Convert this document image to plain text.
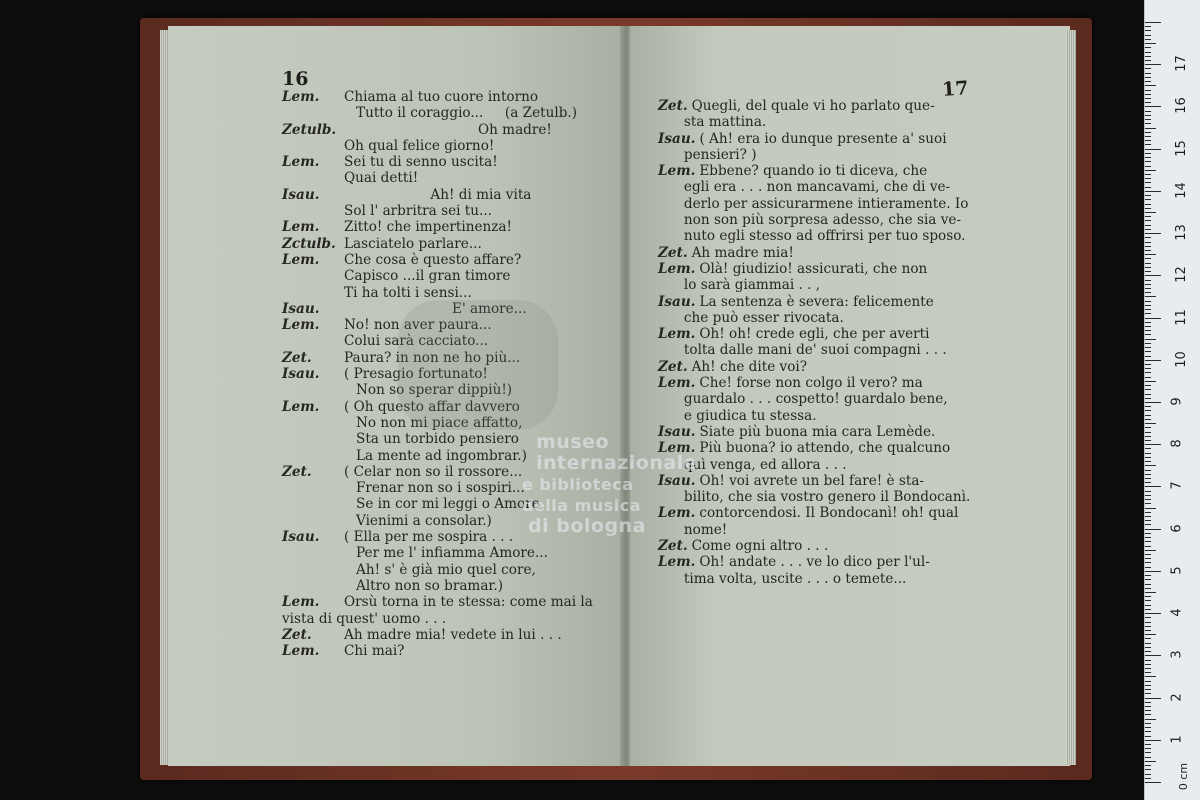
16	17
Lem. Chiama al tuo cuore intorno
Tutto il coraggio...     (a Zetulb.)
Zetulb.                               Oh madre!
Oh qual felice giorno!
Lem. Sei tu di senno uscita!
Quai detti!
Isau.                    Ah! di mia vita
Sol l' arbritra sei tu...
Lem. Zitto! che impertinenza!
Zctulb. Lasciatelo parlare...
Lem. Che cosa è questo affare?
Capisco ...il gran timore
Ti ha tolti i sensi...
Isau.                         E' amore...
Lem. No! non aver paura...
Colui sarà cacciato...
Zet. Paura? in non ne ho più...
Isau. ( Presagio fortunato!
Non so sperar dippiù!)
Lem. ( Oh questo affar davvero
No non mi piace affatto,
Sta un torbido pensiero
La mente ad ingombrar.)
Zet. ( Celar non so il rossore...
Frenar non so i sospiri...
Se in cor mi leggi o Amore
Vienimi a consolar.)
Isau. ( Ella per me sospira . . .
Per me l' infiamma Amore...
Ah! s' è già mio quel core,
Altro non so bramar.)
Lem. Orsù torna in te stessa: come mai la
vista di quest' uomo . . .
Zet. Ah madre mia! vedete in lui . . .
Lem. Chi mai?
Zet. Quegli, del quale vi ho parlato que-
sta mattina.
Isau. ( Ah! era io dunque presente a' suoi
pensieri? )
Lem. Ebbene? quando io ti diceva, che
egli era . . . non mancavami, che di ve-
derlo per assicurarmene intieramente. Io
non son più sorpresa adesso, che sia ve-
nuto egli stesso ad offrirsi per tuo sposo.
Zet. Ah madre mia!
Lem. Olà! giudizio! assicurati, che non
lo sarà giammai . . ,
Isau. La sentenza è severa: felicemente
che può esser rivocata.
Lem. Oh! oh! crede egli, che per averti
tolta dalle mani de' suoi compagni . . .
Zet. Ah! che dite voi?
Lem. Che! forse non colgo il vero? ma
guardalo . . . cospetto! guardalo bene,
e giudica tu stessa.
Isau. Siate più buona mia cara Lemède.
Lem. Più buona? io attendo, che qualcuno
quì venga, ed allora . . .
Isau. Oh! voi avrete un bel fare! è sta-
bilito, che sia vostro genero il Bondocanì.
Lem. contorcendosi. Il Bondocanì! oh! qual
nome!
Zet. Come ogni altro . . .
Lem. Oh! andate . . . ve lo dico per l'ul-
tima volta, uscite . . . o temete...
museo internazionale
e biblioteca della musica
di bologna
17
16
15
14
13
12
11
10
9
8
7
6
5
4
3
2
1
0 cm
